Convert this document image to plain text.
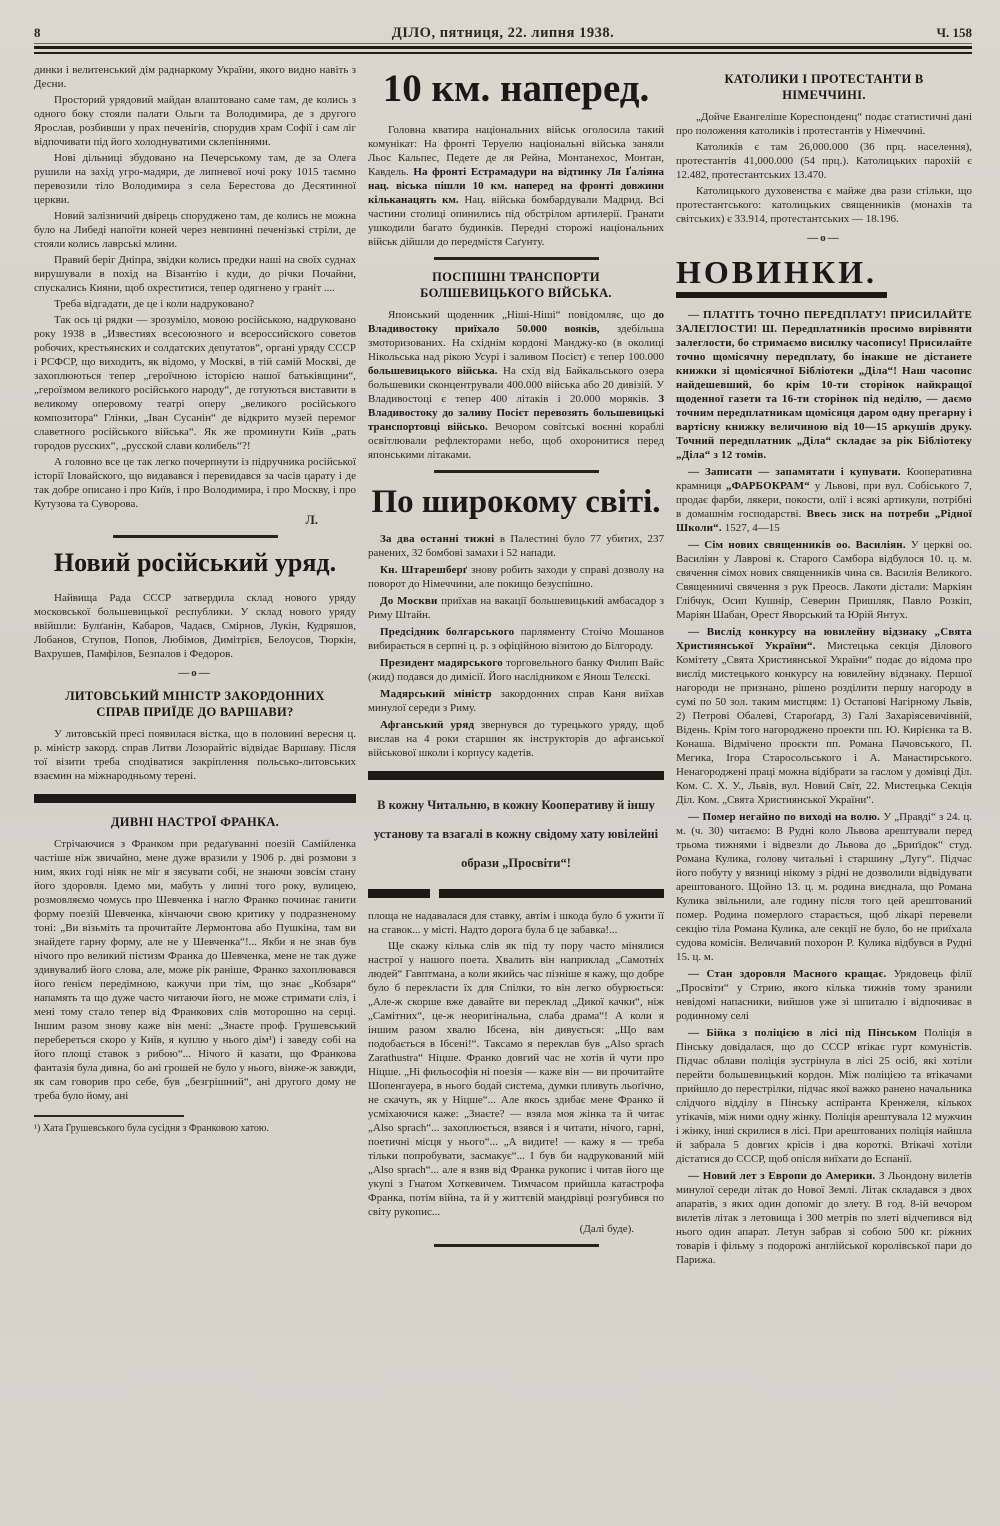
8	ДІЛО, пятниця, 22. липня 1938.	Ч. 158

динки і велитенський дім раднаркому України, якого видно навіть з Десни.

Просторий урядовий майдан влаштовано саме там, де колись з одного боку стояли палати Ольги та Володимира, де з другого Ярослав, розбивши у прах печенігів, спорудив храм Софії і сам ліг відпочивати під його холоднуватими склепіннями.

Нові дільниці збудовано на Печерському там, де за Олега рушили на захід угро-мадяри, де липневої ночі року 1015 таємно перевозили тіло Володимира з села Берестова до Десятинної церкви.

Новий залізничий двірець споруджено там, де колись не можна було на Либеді напоїти коней через невпинні печенізькі стріли, де стояли колись лаврські млини.

Правий беріг Дніпра, звідки колись предки наші на своїх суднах вирушували в похід на Візантію і куди, до річки Почайни, спускались Кияни, щоб охреститися, тепер одягнено у граніт ....

Треба відгадати, де це і коли надруковано?

Так ось ці рядки — зрозуміло, мовою російською, надруковано року 1938 в „Известиях всесоюзного и всероссийского советов робочих, крестьянских и солдатских депутатов“, органі уряду СССР і РСФСР, що виходить, як відомо, у Москві, в тій самій Москві, де захоплюються тепер „героїчною історією нашої батьківщини“, „героїзмом великого російського народу“, де готуються виставити в великому оперовому театрі оперу „великого російського композитора“ Глінки, „Іван Сусанін“ де відкрито музей перемог славетного російського війська“. Як же проминути Київ „рать городов русских“, „русской слави колибель“?!

А головно все це так легко почерпнути із підручника російської історії Іловайского, що видавався і перевидався за часів царату і де так добре описано і про Київ, і про Володимира, і про Москву, і про Кутузова та Суворова.

Л.

Новий російський уряд.

Найвища Рада СССР затвердила склад нового уряду московської большевицької республики. У склад нового уряду ввійшли: Булґанін, Кабаров, Чадаєв, Смірнов, Лукін, Кудряшов, Лобанов, Ступов, Попов, Любімов, Димітрієв, Белоусов, Тюркін, Вахрушев, Памфілов, Безпалов і Федоров.

—о—
ЛИТОВСЬКИЙ МІНІСТР ЗАКОРДОННИХ СПРАВ ПРИЇДЕ ДО ВАРШАВИ?

У литовській пресі появилася вістка, що в половині вересня ц. р. міністр закорд. справ Литви Лозорайтіс відвідає Варшаву. Після тої візити треба сподіватися закріплення польсько-литовських взаємин на міжнародньому терені.

ДИВНІ НАСТРОЇ ФРАНКА.

Стрічаючися з Франком при редаґуванні поезій Самійленка частіше ніж звичайно, мене дуже вразили у 1906 р. дві розмови з ним, яких годі ніяк не міг я зясувати собі, не знаючи зовсім стану його здоровля. Ідемо ми, мабуть у липні того року, вулицею, розмовляємо чомусь про Шевченка і нагло Франко починає ганити форму поезій Шевченка, кінчаючи свою критику у подразненому тоні: „Ви візьміть та прочитайте Лермонтова або Пушкіна, там ви знайдете гарну форму, але не у Шевченка“!... Якби я не знав був нічого про великий пієтизм Франка до Шевченка, мене не так дуже здивувалиб його слова, але, може рік раніше, Франко захоплювався його ґенієм передімною, кажучи при тім, що знає „Кобзаря“ напамять та що дуже часто читаючи його, не може стримати сліз, і мені тому стало тепер від Франкових слів моторошно на серці. Іншим разом знову каже він мені: „Знаєте проф. Грушевський перебереться скоро у Київ, я куплю у нього дім¹) і заведу собі на його площі ставок з рибою“... Нічого й казати, що Франкова фантазія була дивна, бо ані грошей не було у нього, вінже-ж завжди, як сам говорив про себе, був „безгрішний“, ані другого дому не треба було йому, ані

¹) Хата Грушевського була сусідня з Франковою хатою.

10 км. наперед.

Головна кватира національних військ оголосила такий комунікат: На фронті Теруелю національні війська заняли Льос Кальпес, Педете де ля Рейна, Монтанехос, Монтан, Кавдель. На фронті Естрамадури на відтинку Ля Ґаліяна нац. віська пішли 10 км. наперед на фронті довжини кільканацять км. Нац. війська бомбардували Мадрид. Всі частини столиці опинились під обстрілом артилерії. Гранати ушкодили багато будинків. Передні сторожі національних військ дійшли до передмістя Саґунту.

ПОСПІШНІ ТРАНСПОРТИ БОЛШЕВИЦЬКОГО ВІЙСЬКА.

Японський щоденник „Ніші-Ніші“ повідомляє, що до Владивостоку приїхало 50.000 вояків, здебільша змоторизованих. На східнім кордоні Манджу-ко (в околиці Нікольська над рікою Усурі і заливом Посієт) є тепер 100.000 большевицького війська. На схід від Байкальського озера большевики сконцентрували 400.000 війська або 20 дивізій. У Владивостоці є тепер 400 літаків і 20.000 моряків. З Владивостоку до заливу Посієт перевозять большевицькі транспортовці військо. Вечором совітські воєнні кораблі освітлювали рефлекторами небо, щоб охоронитися перед японськими літаками.

По широкому світі.

За два останні тижні в Палестині було 77 убитих, 237 ранених, 32 бомбові замахи і 52 напади.

Кн. Штарешберґ знову робить заходи у справі дозволу на поворот до Німеччини, але покищо безуспішно.

До Москви приїхав на вакації большевицький амбасадор з Риму Штайн.

Предсідник болгарського парляменту Стоічо Мошанов вибирається в серпні ц. р. з офіційною візитою до Білгороду.

Президент мадярського торговельного банку Филип Вайс (жид) подався до димісії. Його наслідником є Янош Телєскі.

Мадярський міністр закордонних справ Каня виїхав минулої середи з Риму.

Афганський уряд звернувся до турецького уряду, щоб вислав на 4 роки старшин як інструкторів до афганської військової школи і корпусу кадетів.

В кожну Читальню, в кожну Кооперативу й іншу установу та взагалі в кожну свідому хату ювілейні образи „Просвіти“!

площа не надавалася для ставку, автім і шкода було б ужити її на ставок... у місті. Надто дорога була б це забавка!...

Ще скажу кілька слів як під ту пору часто мінялися настрої у нашого поета. Хвалить він наприклад „Самотніх людей“ Гавптмана, а коли якийсь час пізніше я кажу, що добре було б перекласти їх для Спілки, то він легко обурюється: „Але-ж скорше вже давайте ви переклад „Дикої качки“, ніж „Самітних“, це-ж неоригінальна, слаба драма“! А коли я іншим разом хвалю Ібсена, він дивується: „Що вам подобається в Ібсені!“. Таксамо я переклав був „Also sprach Zarathustra“ Ніцше. Франко довгий час не хотів й чути про Ніцше. „Ні фильософія ні поезія — каже він — ви прочитайте Шопенгауера, в нього бодай система, думки пливуть льоґічно, не скачуть, як у Ніцше“... Але якось здибає мене Франко й усміхаючися каже: „Знаєте? — взяла моя жінка та й читає „Also sprach“... захоплюється, взявся і я читати, нічого, гарні, поетичні місця у нього“... „А видите! — кажу я — треба тільки попробувати, засмакує“... І був би надрукований мій „Also sprach“... але я взяв від Франка рукопис і читав його ще укупі з Гнатом Хоткевичем. Тимчасом прийшла катастрофа Франка, потім війна, та й у життєвій мандрівці розгубився по світу рукопис...

(Далі буде).

КАТОЛИКИ І ПРОТЕСТАНТИ В НІМЕЧЧИНІ.

„Дойче Евангеліше Кореспонденц“ подає статистичні дані про положення католиків і протестантів у Німеччині.

Католиків є там 26,000.000 (36 прц. населення), протестантів 41,000.000 (54 прц.). Католицьких парохій є 12.482, протестантських 13.470.

Католицького духовенства є майже два рази стільки, що протестантського: католицьких священників (монахів та світських) є 33.914, протестантських — 18.196.

—о—
НОВИНКИ.

— ПЛАТІТЬ ТОЧНО ПЕРЕДПЛАТУ! ПРИСИЛАЙТЕ ЗАЛЕГЛОСТИ! Ш. Передплатників просимо вирівняти залеглости, бо стримаємо висилку часопису! Присилайте точно щомісячну передплату, бо інакше не дістанете книжки зі щомісячної Бібліотеки „Діла“! Наш часопис найдешевший, бо крім 10-ти сторінок найкращої щоденної газети та 16-ти сторінок під неділю, — даємо точним передплатникам щомісяця даром одну прегарну і вартісну книжку величиною від 10—15 аркушів друку. Точний передплатник „Діла“ складає за рік Бібліотеку „Діла“ з 12 томів.

— Записати — запамятати і купувати. Кооперативна крамниця „ФАРБОКРАМ“ у Львові, при вул. Собіського 7, продає фарби, лякери, покости, олії і всякі артикули, потрібні в домашнім господарстві. Ввесь зиск на потреби „Рідної Школи“. 1527, 4—15

— Сім нових священників оо. Василіян. У церкві оо. Василіян у Лаврові к. Старого Самбора відбулося 10. ц. м. свячення сімох нових священників чина св. Василія Великого. Священничі свячення з рук Преосв. Лакоти дістали: Маркіян Глібчук, Осип Кушнір, Северин Пришляк, Павло Розкіп, Маріян Шабан, Орест Яворський та Юрій Янтух.

— Вислід конкурсу на ювилейну відзнаку „Свята Християнської України“. Мистецька секція Ділового Комітету „Свята Християнської України“ подає до відома про вислід мистецького конкурсу на ювилейну відзнаку. Першої нагороди не признано, рішено розділити першу нагороду в сумі по 50 зол. таким мистцям: 1) Остапові Нагірному Львів, 2) Петрові Обалеві, Староґард, 3) Галі Захаріясевичівній, Відень. Крім того нагороджено проекти пп. Ю. Кирієнка та В. Конаша. Відмічено проєкти пп. Романа Пачовського, П. Мегика, Ігора Старосольського і А. Манастирського. Ненагороджені праці можна відібрати за гаслом у домівці Діл. Ком. С. Х. У., Львів, вул. Новий Світ, 22. Мистецька Секція Діл. Ком. „Свята Християнської України“.

— Помер негайно по виході на волю. У „Правді“ з 24. ц. м. (ч. 30) читаємо: В Рудні коло Львова арештували перед трьома тижнями і відвезли до Львова до „Бриґідок“ студ. Романа Кулика, голову читальні і старшину „Лугу“. Підчас його побуту у вязниці нікому з рідні не дозволили відвідувати арештованого. Щойно 13. ц. м. родина виєднала, що Романа Кулика звільнили, але годину після того цей арештований помер. Родина померлого старається, щоб лікарі перевели секцію тіла Романа Кулика, але секції не було, бо не приїхала судова комісія. Величавий похорон Р. Кулика відбувся в Рудні 15. ц. м.

— Стан здоровля Масного кращає. Урядовець філії „Просвіти“ у Стрию, якого кілька тижнів тому зранили невідомі напасники, вийшов уже зі шпиталю і відпочиває в родинному селі

— Бійка з поліцією в лісі під Пінськом Поліція в Пінську довідалася, що до СССР втікає гурт комуністів. Підчас облави поліція зустрінула в лісі 25 осіб, які хотіли перейти большевицький кордон. Між поліцією та втікачами прийшло до перестрілки, підчас якої важко ранено начальника слідчого відділу в Пінську аспіранта Кренжеля, кількох утікачів, між ними одну жінку. Поліція арештувала 12 мужчин і жінку, інші скрилися в лісі. При арештованих поліція найшла й забрала 5 довгих крісів і два короткі. Втікачі хотіли дістатися до СССР, щоб опісля виїхати до Еспанії.

— Новий лет з Европи до Америки. З Льондону вилетів минулої середи літак до Нової Землі. Літак складався з двох апаратів, з яких один допоміг до злету. В год. 8-ій вечором вилетів літак з летовища і 300 метрів по злеті відчепився від нього один апарат. Летун забрав зі собою 500 кг. ріжних товарів і фільму з подорожі англійської королівської пари до Парижа.
